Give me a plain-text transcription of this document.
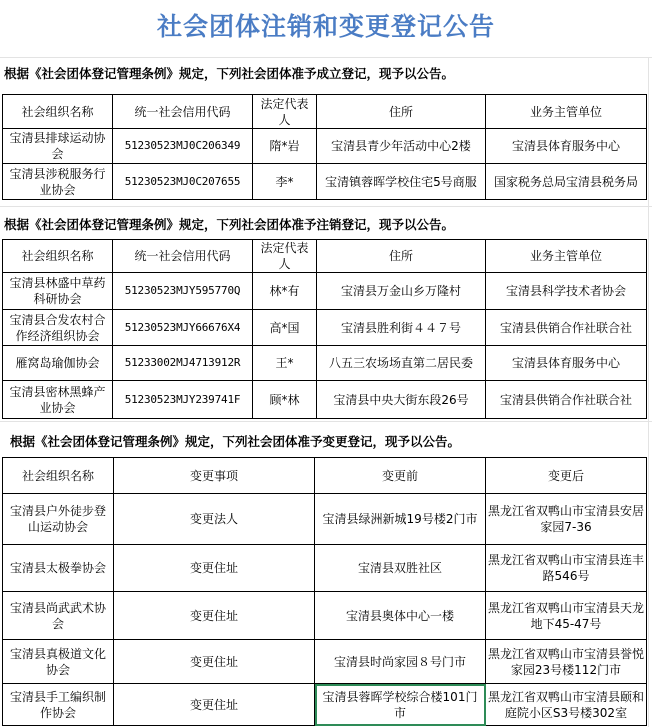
社会团体注销和变更登记公告
根据《社会团体登记管理条例》规定，下列社会团体准予成立登记，现予以公告。
社会组织名称	统一社会信用代码	法定代表人	住所	业务主管单位
宝清县排球运动协会	51230523MJ0C206349	隋*岩	宝清县青少年活动中心2楼	宝清县体育服务中心
宝清县涉税服务行业协会	51230523MJ0C207655	李*	宝清镇蓉晖学校住宅5号商服	国家税务总局宝清县税务局
根据《社会团体登记管理条例》规定，下列社会团体准予注销登记，现予以公告。
社会组织名称	统一社会信用代码	法定代表人	住所	业务主管单位
宝清县林盛中草药科研协会	51230523MJY595770Q	林*有	宝清县万金山乡万隆村	宝清县科学技术者协会
宝清县合发农村合作经济组织协会	51230523MJY66676X4	高*国	宝清县胜利街４４７号	宝清县供销合作社联合社
雁窝岛瑜伽协会	51233002MJ4713912R	王*	八五三农场场直第二居民委	宝清县体育服务中心
宝清县密林黑蜂产业协会	51230523MJY239741F	顾*林	宝清县中央大街东段26号	宝清县供销合作社联合社
根据《社会团体登记管理条例》规定，下列社会团体准予变更登记，现予以公告。
社会组织名称	变更事项	变更前	变更后
宝清县户外徒步登山运动协会	变更法人	宝清县绿洲新城19号楼2门市	黑龙江省双鸭山市宝清县安居家园7-36
宝清县太极拳协会	变更住址	宝清县双胜社区	黑龙江省双鸭山市宝清县连丰路546号
宝清县尚武武术协会	变更住址	宝清县奥体中心一楼	黑龙江省双鸭山市宝清县天龙地下45-47号
宝清县真极道文化协会	变更住址	宝清县时尚家园８号门市	黑龙江省双鸭山市宝清县誉悦家园23号楼112门市
宝清县手工编织制作协会	变更住址	宝清县蓉晖学校综合楼101门市	黑龙江省双鸭山市宝清县颐和庭院小区S3号楼302室
